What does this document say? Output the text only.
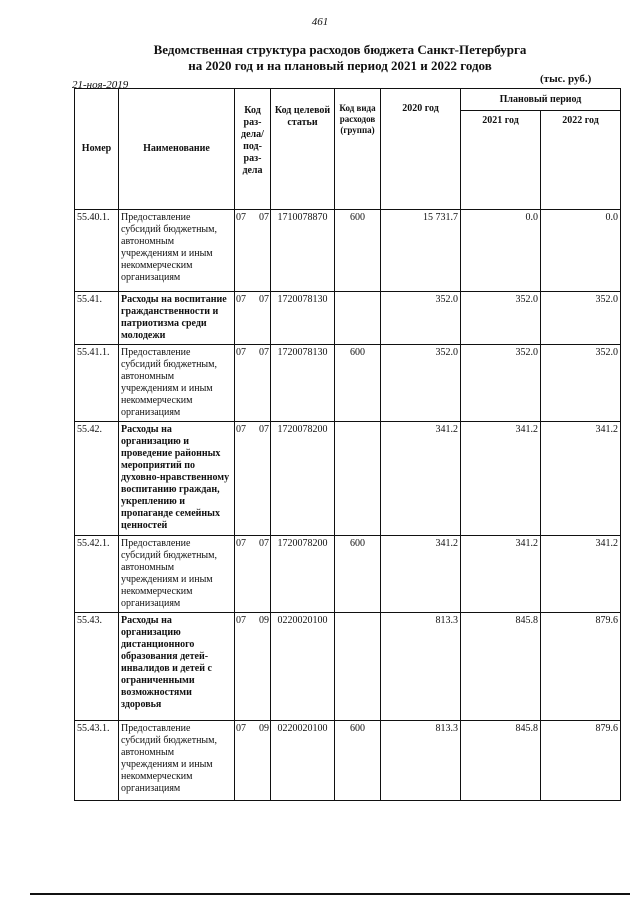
461
Ведомственная структура расходов бюджета Санкт-Петербурга
на 2020 год и на плановый период 2021 и 2022 годов
21-ноя-2019	(тыс. руб.)
Номер	Наименование	Код раз- дела/ под- раз- дела	Код целевой статьи	Код вида расходов (группа)	2020 год	Плановый период	
						2021 год	2022 год
55.40.1.	Предоставление субсидий бюджетным, автономным учреждениям и иным некоммерческим организациям	07 07	1710078870	600	15 731.7	0.0	0.0
55.41.	Расходы на воспитание гражданственности и патриотизма среди молодежи	07 07	1720078130		352.0	352.0	352.0
55.41.1.	Предоставление субсидий бюджетным, автономным учреждениям и иным некоммерческим организациям	07 07	1720078130	600	352.0	352.0	352.0
55.42.	Расходы на организацию и проведение районных мероприятий по духовно-нравственному воспитанию граждан, укреплению и пропаганде семейных ценностей	07 07	1720078200		341.2	341.2	341.2
55.42.1.	Предоставление субсидий бюджетным, автономным учреждениям и иным некоммерческим организациям	07 07	1720078200	600	341.2	341.2	341.2
55.43.	Расходы на организацию дистанционного образования детей-инвалидов и детей с ограниченными возможностями здоровья	07 09	0220020100		813.3	845.8	879.6
55.43.1.	Предоставление субсидий бюджетным, автономным учреждениям и иным некоммерческим организациям	07 09	0220020100	600	813.3	845.8	879.6
